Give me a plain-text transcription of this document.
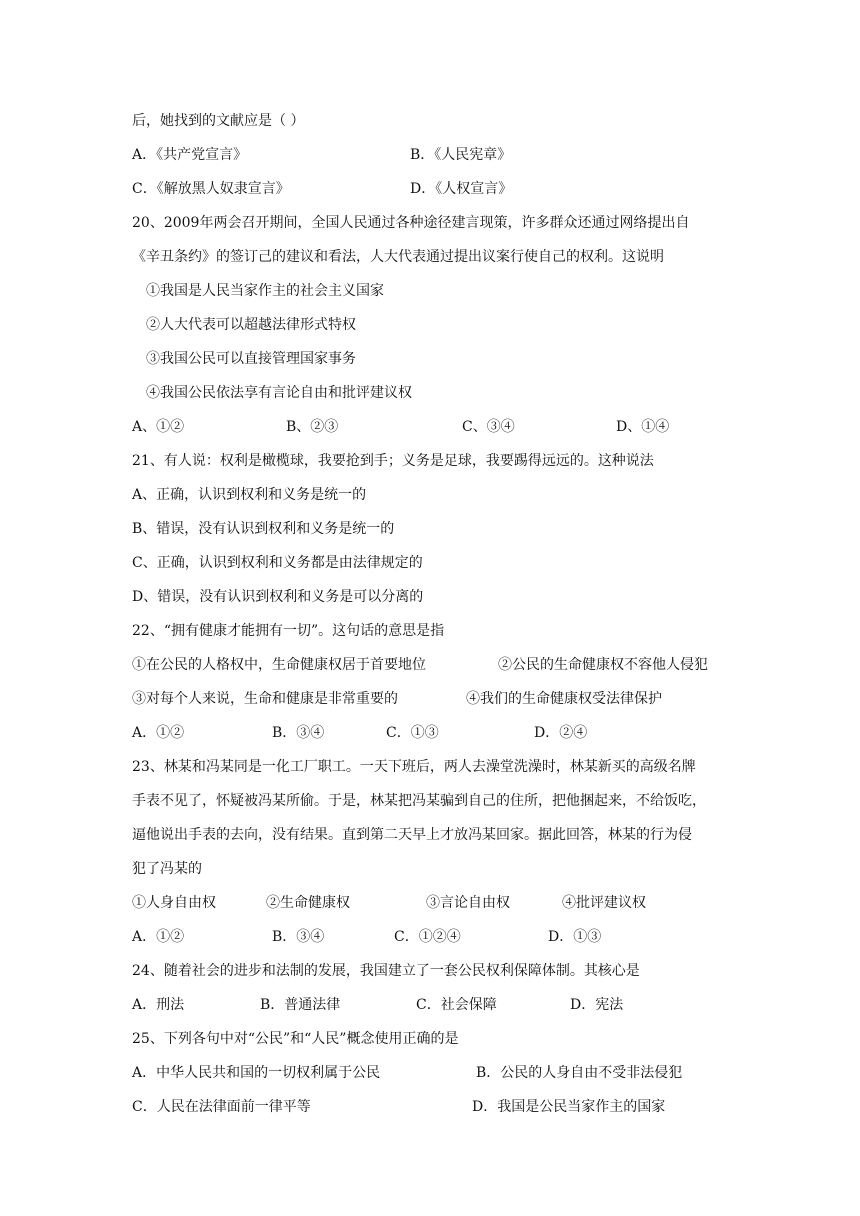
后，她找到的文献应是（ ）
A．《共产党宣言》	B．《人民宪章》
C．《解放黑人奴隶宣言》	D．《人权宣言》
20、2009年两会召开期间，全国人民通过各种途径建言现策，许多群众还通过网络提出自
《辛丑条约》的签订己的建议和看法，人大代表通过提出议案行使自己的权利。这说明
①我国是人民当家作主的社会主义国家
②人大代表可以超越法律形式特权
③我国公民可以直接管理国家事务
④我国公民依法享有言论自由和批评建议权
A、①②	B、②③	C、③④	D、①④
21、有人说：权利是橄榄球，我要抢到手；义务是足球，我要踢得远远的。这种说法
A、正确，认识到权利和义务是统一的
B、错误，没有认识到权利和义务是统一的
C、正确，认识到权利和义务都是由法律规定的
D、错误，没有认识到权利和义务是可以分离的
22、“拥有健康才能拥有一切”。这句话的意思是指
①在公民的人格权中，生命健康权居于首要地位	②公民的生命健康权不容他人侵犯
③对每个人来说，生命和健康是非常重要的	④我们的生命健康权受法律保护
A．①②	B．③④	C．①③	D．②④
23、林某和冯某同是一化工厂职工。一天下班后，两人去澡堂洗澡时，林某新买的高级名牌
手表不见了，怀疑被冯某所偷。于是，林某把冯某骗到自己的住所，把他捆起来，不给饭吃，
逼他说出手表的去向，没有结果。直到第二天早上才放冯某回家。据此回答，林某的行为侵
犯了冯某的
①人身自由权	②生命健康权	③言论自由权	④批评建议权
A．①②	B．③④	C．①②④	D．①③
24、随着社会的进步和法制的发展，我国建立了一套公民权利保障体制。其核心是
A．刑法	B．普通法律	C．社会保障	D．宪法
25、下列各句中对“公民”和“人民”概念使用正确的是
A．中华人民共和国的一切权利属于公民	B．公民的人身自由不受非法侵犯
C．人民在法律面前一律平等	D．我国是公民当家作主的国家
